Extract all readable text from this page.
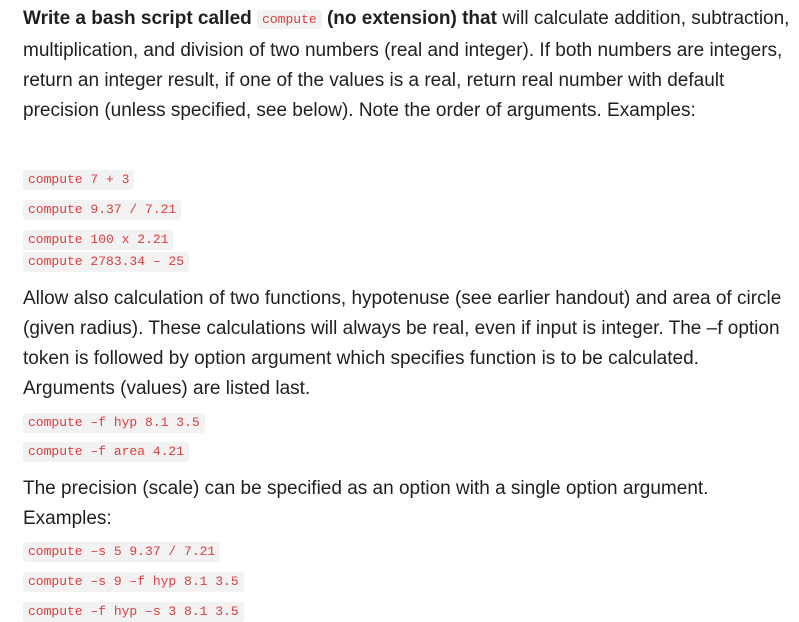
Write a bash script called compute (no extension) that will calculate addition, subtraction, multiplication, and division of two numbers (real and integer). If both numbers are integers, return an integer result, if one of the values is a real, return real number with default precision (unless specified, see below). Note the order of arguments. Examples:

compute 7 + 3
compute 9.37 / 7.21
compute 100 x 2.21
compute 2783.34 – 25

Allow also calculation of two functions, hypotenuse (see earlier handout) and area of circle (given radius). These calculations will always be real, even if input is integer. The –f option token is followed by option argument which specifies function is to be calculated. Arguments (values) are listed last.

compute –f hyp 8.1 3.5
compute –f area 4.21

The precision (scale) can be specified as an option with a single option argument. Examples:

compute –s 5 9.37 / 7.21
compute –s 9 –f hyp 8.1 3.5
compute –f hyp –s 3 8.1 3.5
